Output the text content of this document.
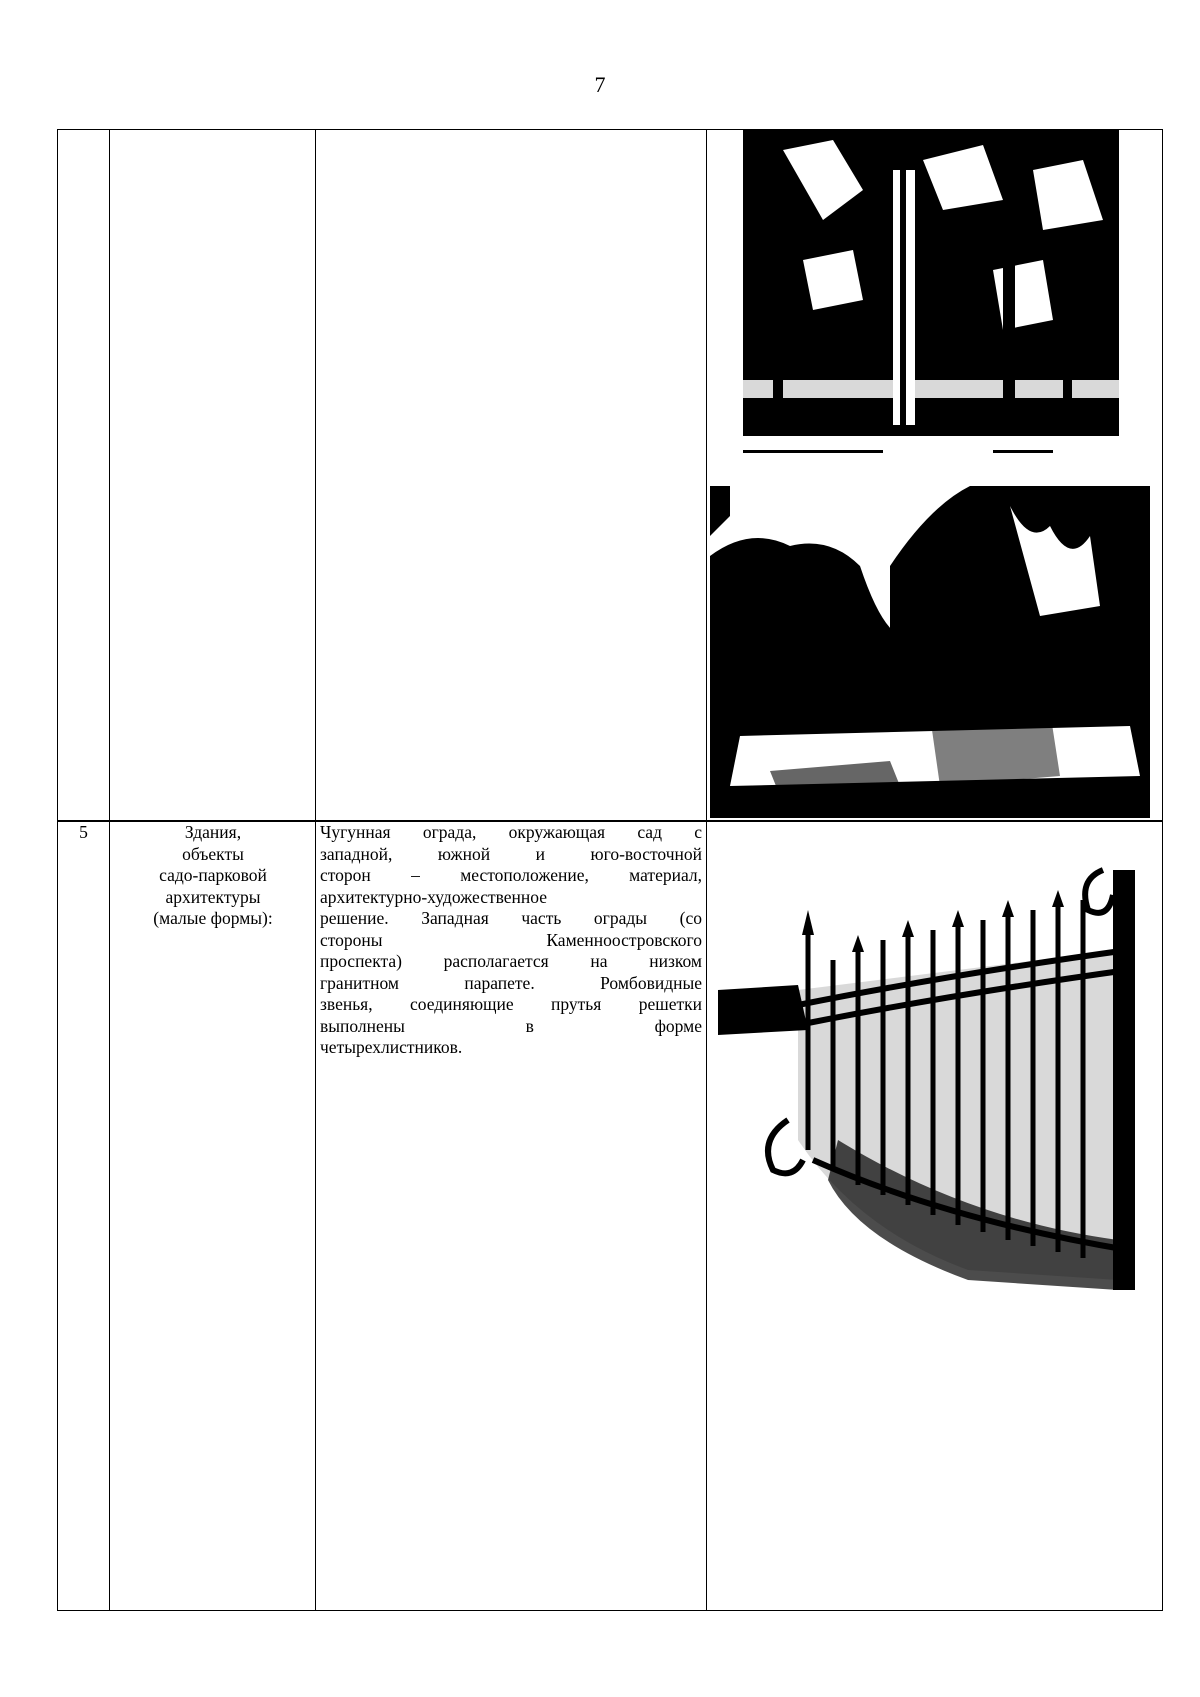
7
5	Здания,
объекты
садо-парковой
архитектуры
(малые формы):
Чугунная ограда, окружающая сад с
западной, южной и юго-восточной
сторон – местоположение, материал,
архитектурно-художественное
решение. Западная часть ограды (со
стороны Каменноостровского
проспекта) располагается на низком
гранитном парапете. Ромбовидные
звенья, соединяющие прутья решетки
выполнены в форме
четырехлистников.
